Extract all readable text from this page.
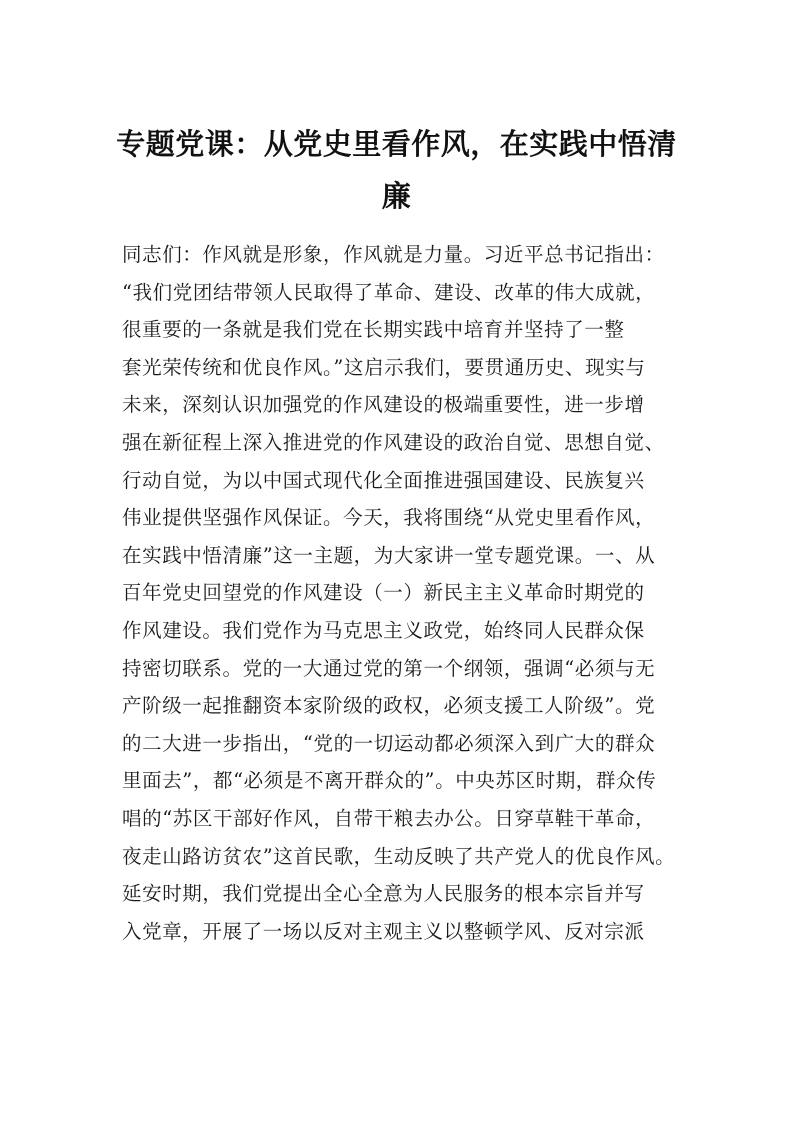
专题党课：从党史里看作风，在实践中悟清廉
同志们：作风就是形象，作风就是力量。习近平总书记指出：
“我们党团结带领人民取得了革命、建设、改革的伟大成就，
很重要的一条就是我们党在长期实践中培育并坚持了一整
套光荣传统和优良作风。”这启示我们，要贯通历史、现实与
未来，深刻认识加强党的作风建设的极端重要性，进一步增
强在新征程上深入推进党的作风建设的政治自觉、思想自觉、
行动自觉，为以中国式现代化全面推进强国建设、民族复兴
伟业提供坚强作风保证。今天，我将围绕“从党史里看作风，
在实践中悟清廉”这一主题，为大家讲一堂专题党课。一、从
百年党史回望党的作风建设（一）新民主主义革命时期党的
作风建设。我们党作为马克思主义政党，始终同人民群众保
持密切联系。党的一大通过党的第一个纲领，强调“必须与无
产阶级一起推翻资本家阶级的政权，必须支援工人阶级”。党
的二大进一步指出，“党的一切运动都必须深入到广大的群众
里面去”，都“必须是不离开群众的”。中央苏区时期，群众传
唱的“苏区干部好作风，自带干粮去办公。日穿草鞋干革命，
夜走山路访贫农”这首民歌，生动反映了共产党人的优良作风。
延安时期，我们党提出全心全意为人民服务的根本宗旨并写
入党章，开展了一场以反对主观主义以整顿学风、反对宗派
